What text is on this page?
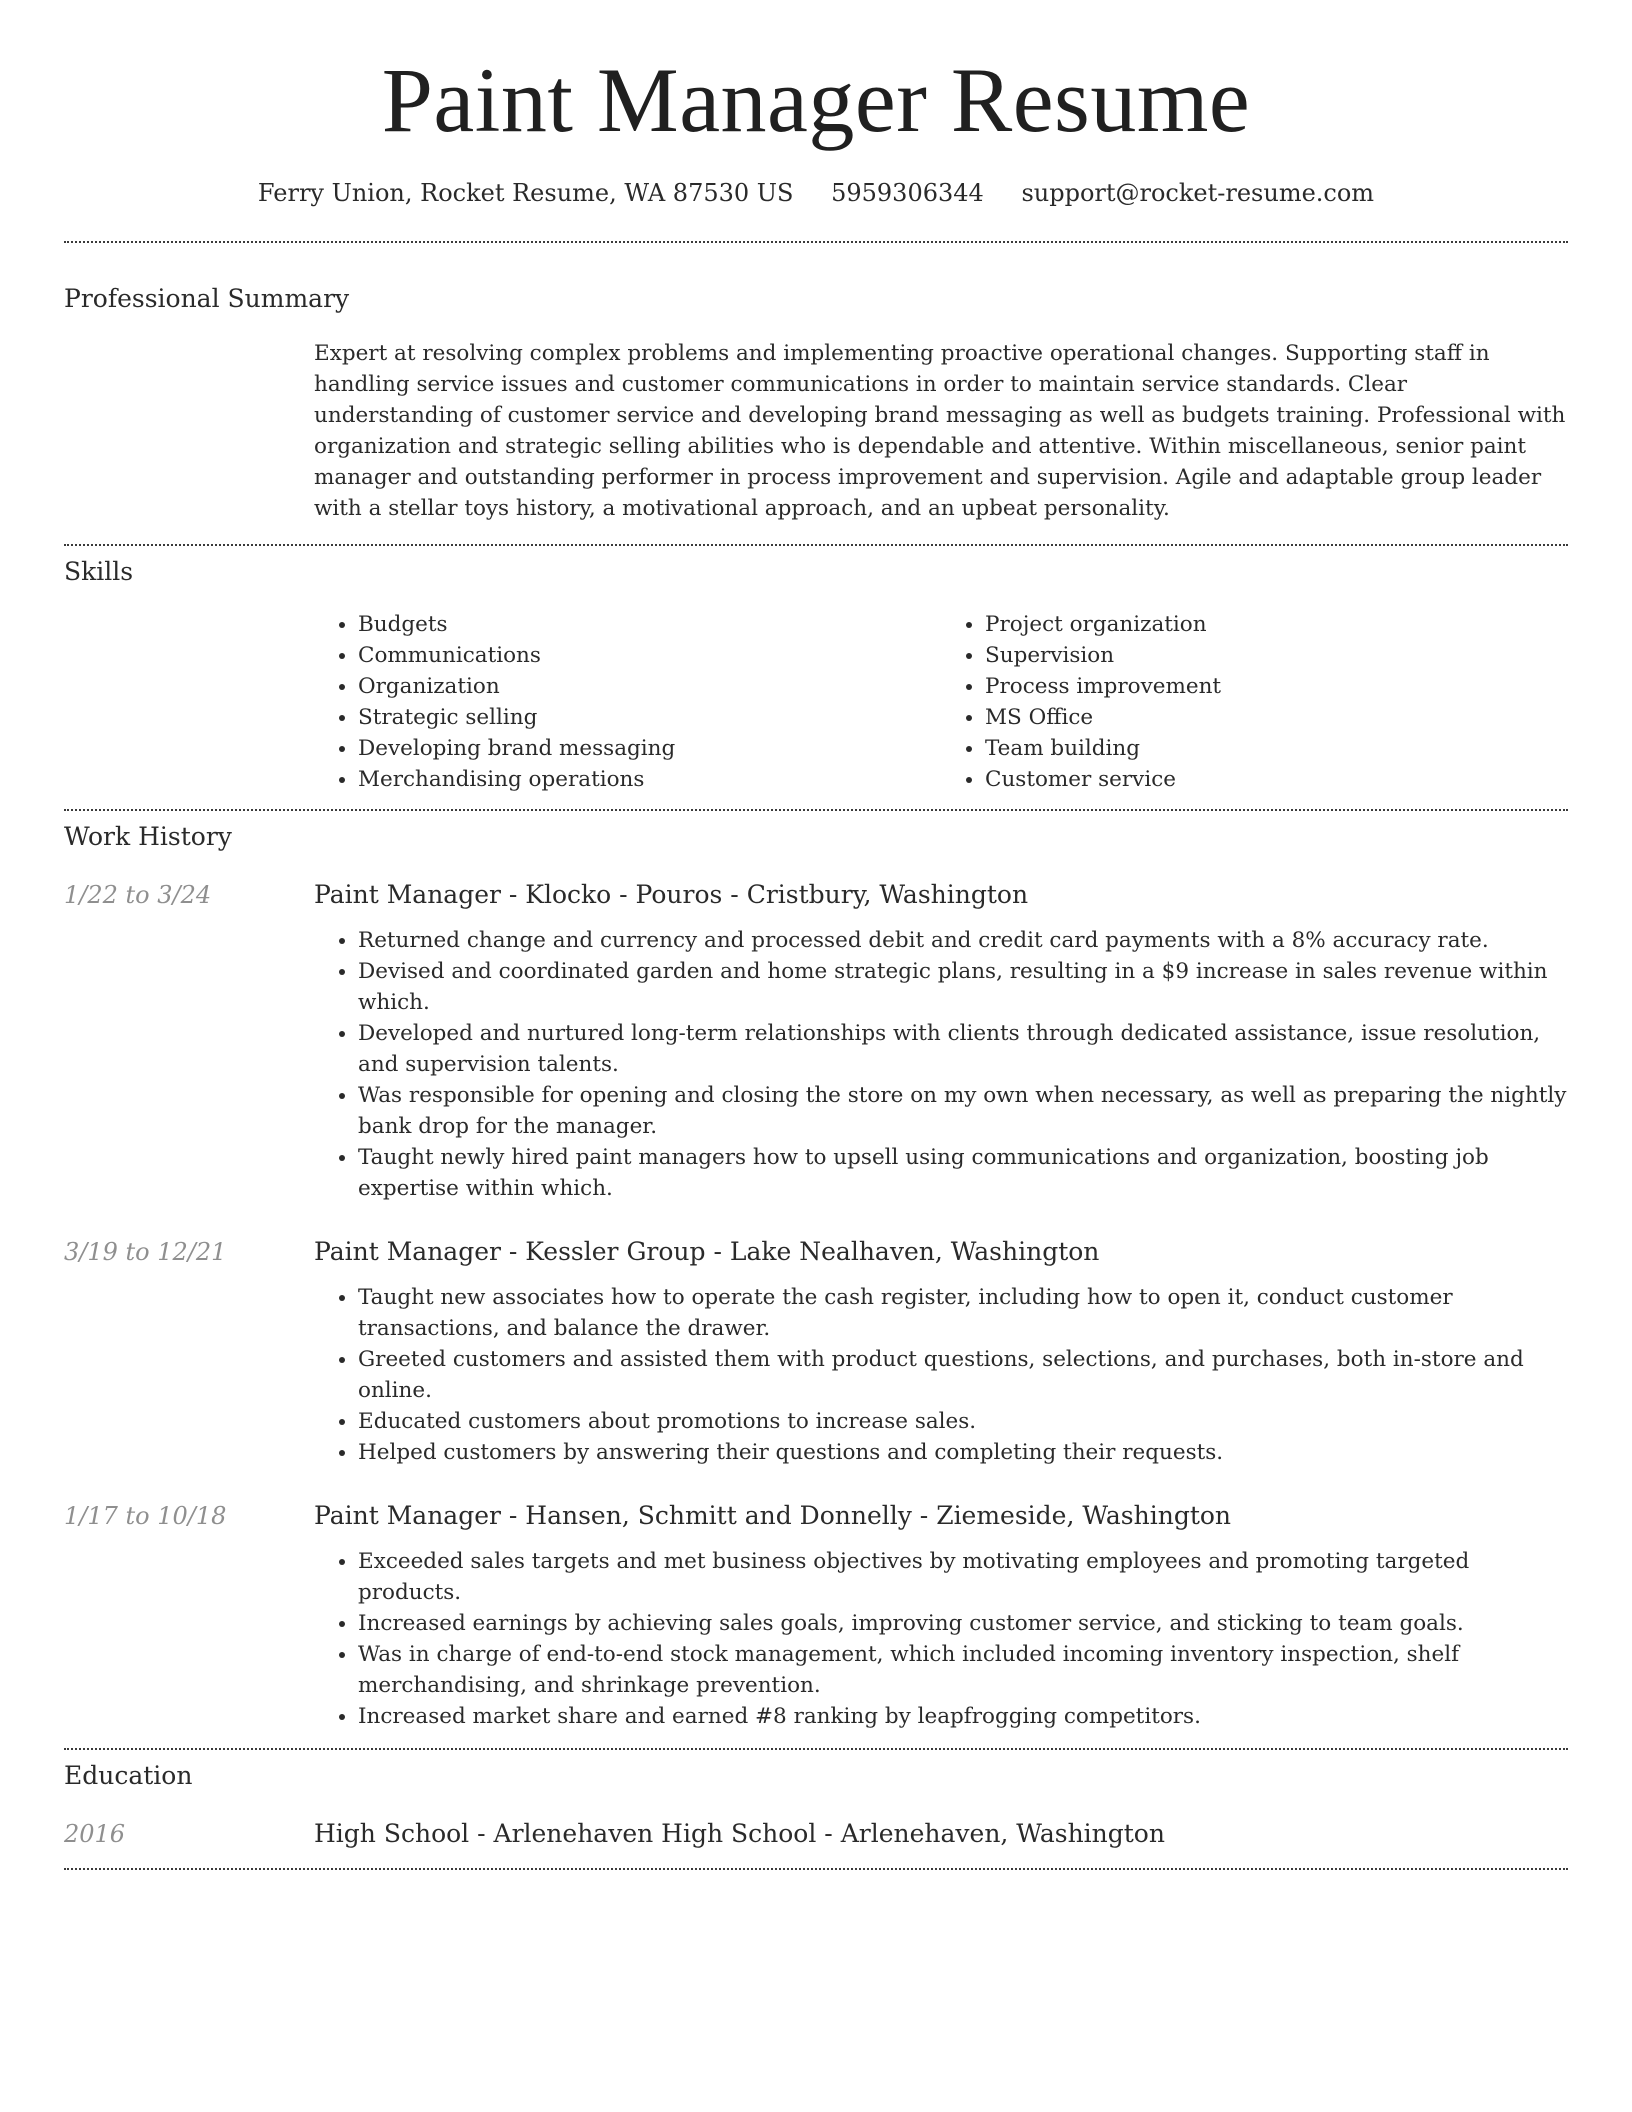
Paint Manager Resume
Ferry Union, Rocket Resume, WA 87530 US 5959306344 support@rocket-resume.com
Professional Summary
Expert at resolving complex problems and implementing proactive operational changes. Supporting staff in handling service issues and customer communications in order to maintain service standards. Clear understanding of customer service and developing brand messaging as well as budgets training. Professional with organization and strategic selling abilities who is dependable and attentive. Within miscellaneous, senior paint manager and outstanding performer in process improvement and supervision. Agile and adaptable group leader with a stellar toys history, a motivational approach, and an upbeat personality.
Skills
• Budgets
• Communications
• Organization
• Strategic selling
• Developing brand messaging
• Merchandising operations
• Project organization
• Supervision
• Process improvement
• MS Office
• Team building
• Customer service
Work History
1/22 to 3/24	Paint Manager - Klocko - Pouros - Cristbury, Washington
• Returned change and currency and processed debit and credit card payments with a 8% accuracy rate.
• Devised and coordinated garden and home strategic plans, resulting in a $9 increase in sales revenue within which.
• Developed and nurtured long-term relationships with clients through dedicated assistance, issue resolution, and supervision talents.
• Was responsible for opening and closing the store on my own when necessary, as well as preparing the nightly bank drop for the manager.
• Taught newly hired paint managers how to upsell using communications and organization, boosting job expertise within which.
3/19 to 12/21	Paint Manager - Kessler Group - Lake Nealhaven, Washington
• Taught new associates how to operate the cash register, including how to open it, conduct customer transactions, and balance the drawer.
• Greeted customers and assisted them with product questions, selections, and purchases, both in-store and online.
• Educated customers about promotions to increase sales.
• Helped customers by answering their questions and completing their requests.
1/17 to 10/18	Paint Manager - Hansen, Schmitt and Donnelly - Ziemeside, Washington
• Exceeded sales targets and met business objectives by motivating employees and promoting targeted products.
• Increased earnings by achieving sales goals, improving customer service, and sticking to team goals.
• Was in charge of end-to-end stock management, which included incoming inventory inspection, shelf merchandising, and shrinkage prevention.
• Increased market share and earned #8 ranking by leapfrogging competitors.
Education
2016	High School - Arlenehaven High School - Arlenehaven, Washington
